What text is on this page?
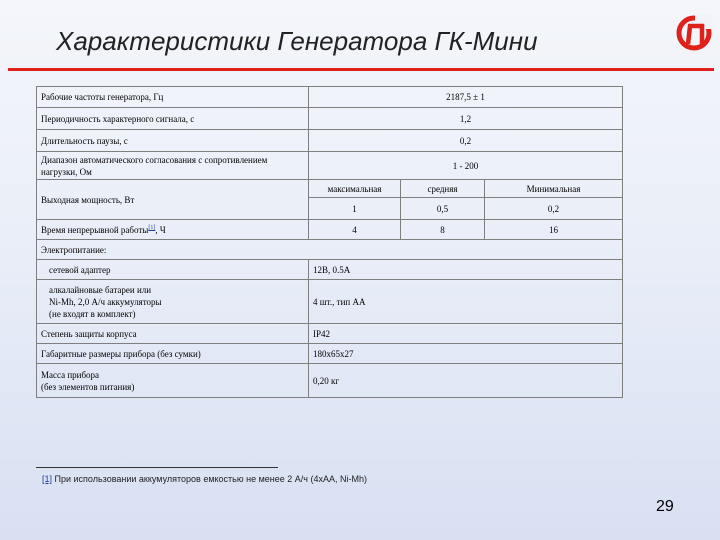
Характеристики Генератора ГК-Мини
Рабочие частоты генератора, Гц	2187,5 ± 1		
Периодичность характерного сигнала, с	1,2		
Длительность паузы, с	0,2		
Диапазон автоматического согласования с сопротивлением нагрузки, Ом	1 - 200		
Выходная мощность, Вт	максимальная	средняя	Минимальная
	1	0,5	0,2
Время непрерывной работы[1], Ч	4	8	16
Электропитание:			
сетевой адаптер	12В, 0.5А		
алкалайновые батареи или
Ni-Mh, 2,0 А/ч аккумуляторы
(не входят в комплект)	4 шт., тип АА		
Степень защиты корпуса	IP42		
Габаритные размеры прибора (без сумки)	180х65х27		
Масса прибора
(без элементов питания)	0,20 кг		
[1] При использовании аккумуляторов емкостью не менее 2 А/ч (4хАА, Ni-Mh)
29
